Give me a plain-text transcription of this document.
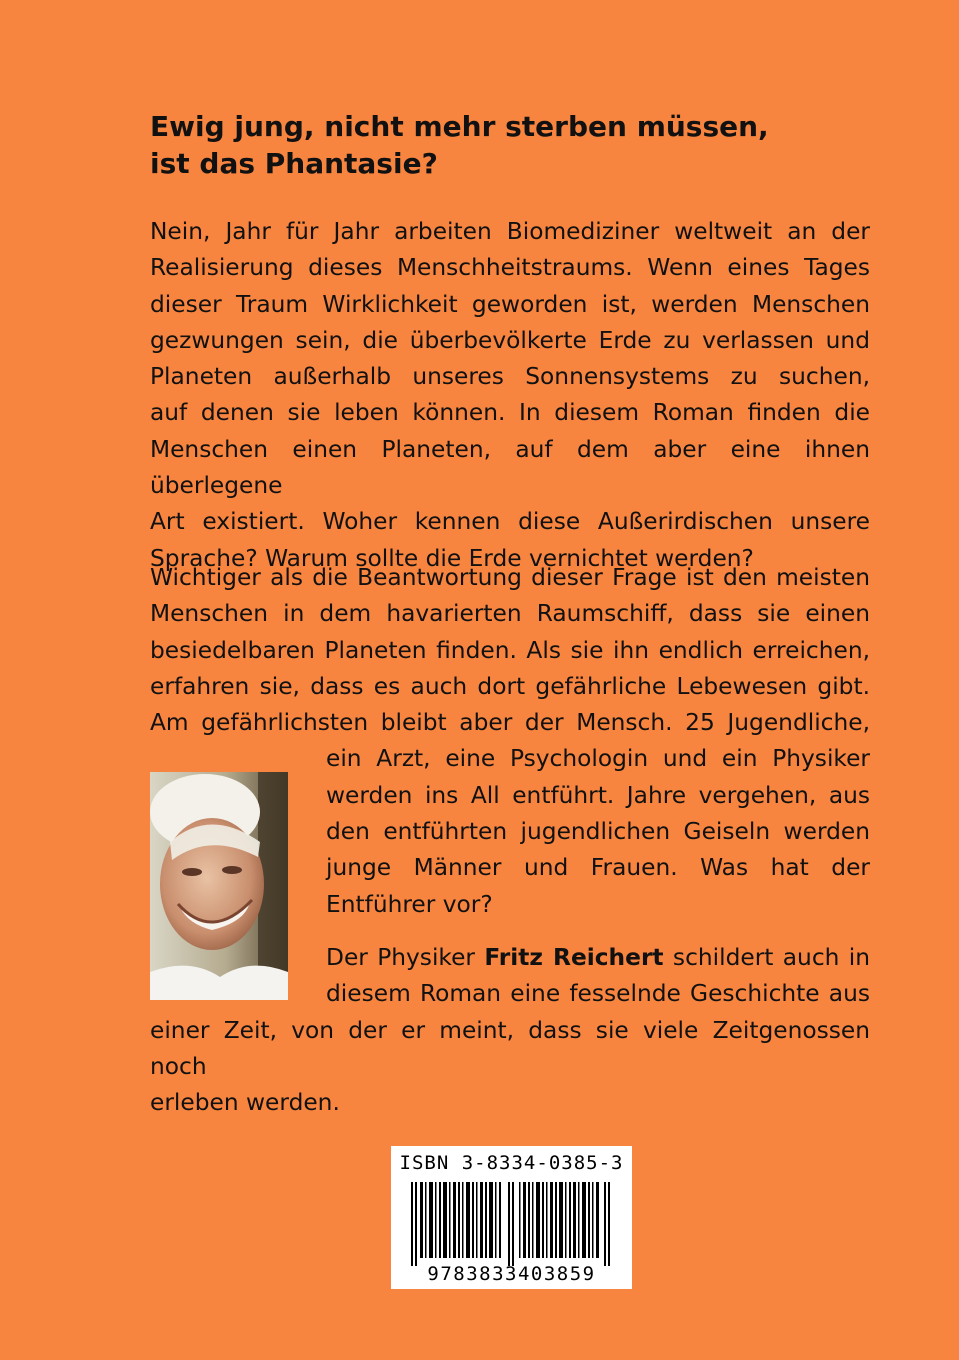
Ewig jung, nicht mehr sterben müssen,
ist das Phantasie?

Nein, Jahr für Jahr arbeiten Biomediziner weltweit an der
Realisierung dieses Menschheitstraums. Wenn eines Tages
dieser Traum Wirklichkeit geworden ist, werden Menschen
gezwungen sein, die überbevölkerte Erde zu verlassen und
Planeten außerhalb unseres Sonnensystems zu suchen,
auf denen sie leben können. In diesem Roman finden die
Menschen einen Planeten, auf dem aber eine ihnen überlegene
Art existiert. Woher kennen diese Außerirdischen unsere
Sprache? Warum sollte die Erde vernichtet werden?

Wichtiger als die Beantwortung dieser Frage ist den meisten
Menschen in dem havarierten Raumschiff, dass sie einen
besiedelbaren Planeten finden. Als sie ihn endlich erreichen,
erfahren sie, dass es auch dort gefährliche Lebewesen gibt.
Am gefährlichsten bleibt aber der Mensch. 25 Jugendliche,
ein Arzt, eine Psychologin und ein Physiker
werden ins All entführt. Jahre vergehen, aus
den entführten jugendlichen Geiseln werden
junge Männer und Frauen. Was hat der
Entführer vor?

Der Physiker Fritz Reichert schildert auch in
diesem Roman eine fesselnde Geschichte aus
einer Zeit, von der er meint, dass sie viele Zeitgenossen noch
erleben werden.

ISBN 3-8334-0385-3
9783833403859
